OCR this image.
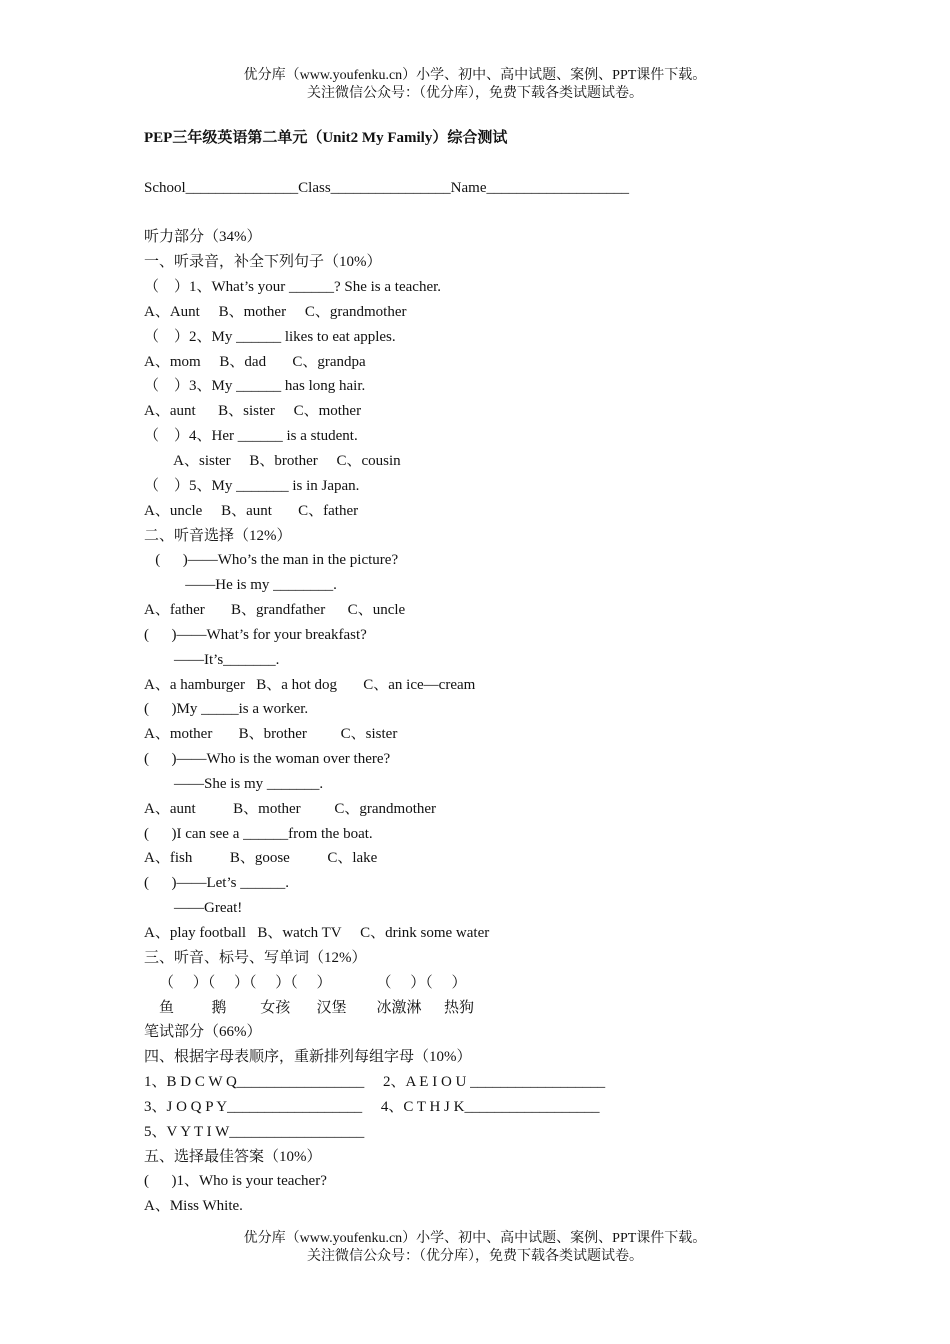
优分库（www.youfenku.cn）小学、初中、高中试题、案例、PPT课件下载。
关注微信公众号：（优分库），免费下载各类试题试卷。
PEP三年级英语第二单元（Unit2 My Family）综合测试
School_______________Class________________Name___________________
听力部分（34%）
一、听录音，补全下列句子（10%）
（    ）1、What’s your ______? She is a teacher.
A、Aunt     B、mother     C、grandmother
（    ）2、My ______ likes to eat apples.
A、mom     B、dad       C、grandpa
（    ）3、My ______ has long hair.
A、aunt      B、sister     C、mother
（    ）4、Her ______ is a student.
A、sister     B、brother     C、cousin
（    ）5、My _______ is in Japan.
A、uncle     B、aunt       C、father
二、听音选择（12%）
(      )——Who’s the man in the picture?
——He is my ________.
A、father       B、grandfather      C、uncle
(      )——What’s for your breakfast?
——It’s_______.
A、a hamburger   B、a hot dog       C、an ice—cream
(      )My _____is a worker.
A、mother       B、brother         C、sister
(      )——Who is the woman over there?
——She is my _______.
A、aunt          B、mother         C、grandmother
(      )I can see a ______from the boat.
A、fish          B、goose          C、lake
(      )——Let’s ______.
——Great!
A、play football   B、watch TV     C、drink some water
三、听音、标号、写单词（12%）
（     ）（     ）（     ）（     ）            （     ）（     ）
鱼          鹅         女孩       汉堡        冰激淋      热狗
笔试部分（66%）
四、根据字母表顺序，重新排列每组字母（10%）
1、B D C W Q_________________     2、A E I O U __________________
3、J O Q P Y__________________     4、C T H J K__________________
5、V Y T I W__________________
五、选择最佳答案（10%）
(      )1、Who is your teacher?
A、Miss White.
优分库（www.youfenku.cn）小学、初中、高中试题、案例、PPT课件下载。
关注微信公众号：（优分库），免费下载各类试题试卷。
